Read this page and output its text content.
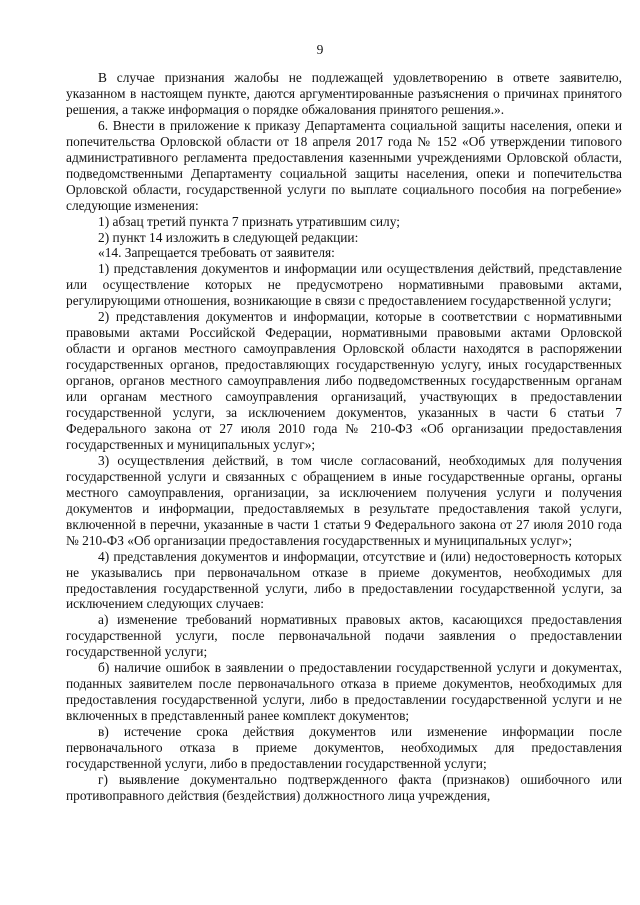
9

В случае признания жалобы не подлежащей удовлетворению в ответе заявителю, указанном в настоящем пункте, даются аргументированные разъяснения о причинах принятого решения, а также информация о порядке обжалования принятого решения.».

6. Внести в приложение к приказу Департамента социальной защиты населения, опеки и попечительства Орловской области от 18 апреля 2017 года № 152 «Об утверждении типового административного регламента предоставления казенными учреждениями Орловской области, подведомственными Департаменту социальной защиты населения, опеки и попечительства Орловской области, государственной услуги по выплате социального пособия на погребение» следующие изменения:

1) абзац третий пункта 7 признать утратившим силу;

2) пункт 14 изложить в следующей редакции:

«14. Запрещается требовать от заявителя:

1) представления документов и информации или осуществления действий, представление или осуществление которых не предусмотрено нормативными правовыми актами, регулирующими отношения, возникающие в связи с предоставлением государственной услуги;

2) представления документов и информации, которые в соответствии с нормативными правовыми актами Российской Федерации, нормативными правовыми актами Орловской области и органов местного самоуправления Орловской области находятся в распоряжении государственных органов, предоставляющих государственную услугу, иных государственных органов, органов местного самоуправления либо подведомственных государственным органам или органам местного самоуправления организаций, участвующих в предоставлении государственной услуги, за исключением документов, указанных в части 6 статьи 7 Федерального закона от 27 июля 2010 года № 210-ФЗ «Об организации предоставления государственных и муниципальных услуг»;

3) осуществления действий, в том числе согласований, необходимых для получения государственной услуги и связанных с обращением в иные государственные органы, органы местного самоуправления, организации, за исключением получения услуги и получения документов и информации, предоставляемых в результате предоставления такой услуги, включенной в перечни, указанные в части 1 статьи 9 Федерального закона от 27 июля 2010 года № 210-ФЗ «Об организации предоставления государственных и муниципальных услуг»;

4) представления документов и информации, отсутствие и (или) недостоверность которых не указывались при первоначальном отказе в приеме документов, необходимых для предоставления государственной услуги, либо в предоставлении государственной услуги, за исключением следующих случаев:

а) изменение требований нормативных правовых актов, касающихся предоставления государственной услуги, после первоначальной подачи заявления о предоставлении государственной услуги;

б) наличие ошибок в заявлении о предоставлении государственной услуги и документах, поданных заявителем после первоначального отказа в приеме документов, необходимых для предоставления государственной услуги, либо в предоставлении государственной услуги и не включенных в представленный ранее комплект документов;

в) истечение срока действия документов или изменение информации после первоначального отказа в приеме документов, необходимых для предоставления государственной услуги, либо в предоставлении государственной услуги;

г) выявление документально подтвержденного факта (признаков) ошибочного или противоправного действия (бездействия) должностного лица учреждения,
